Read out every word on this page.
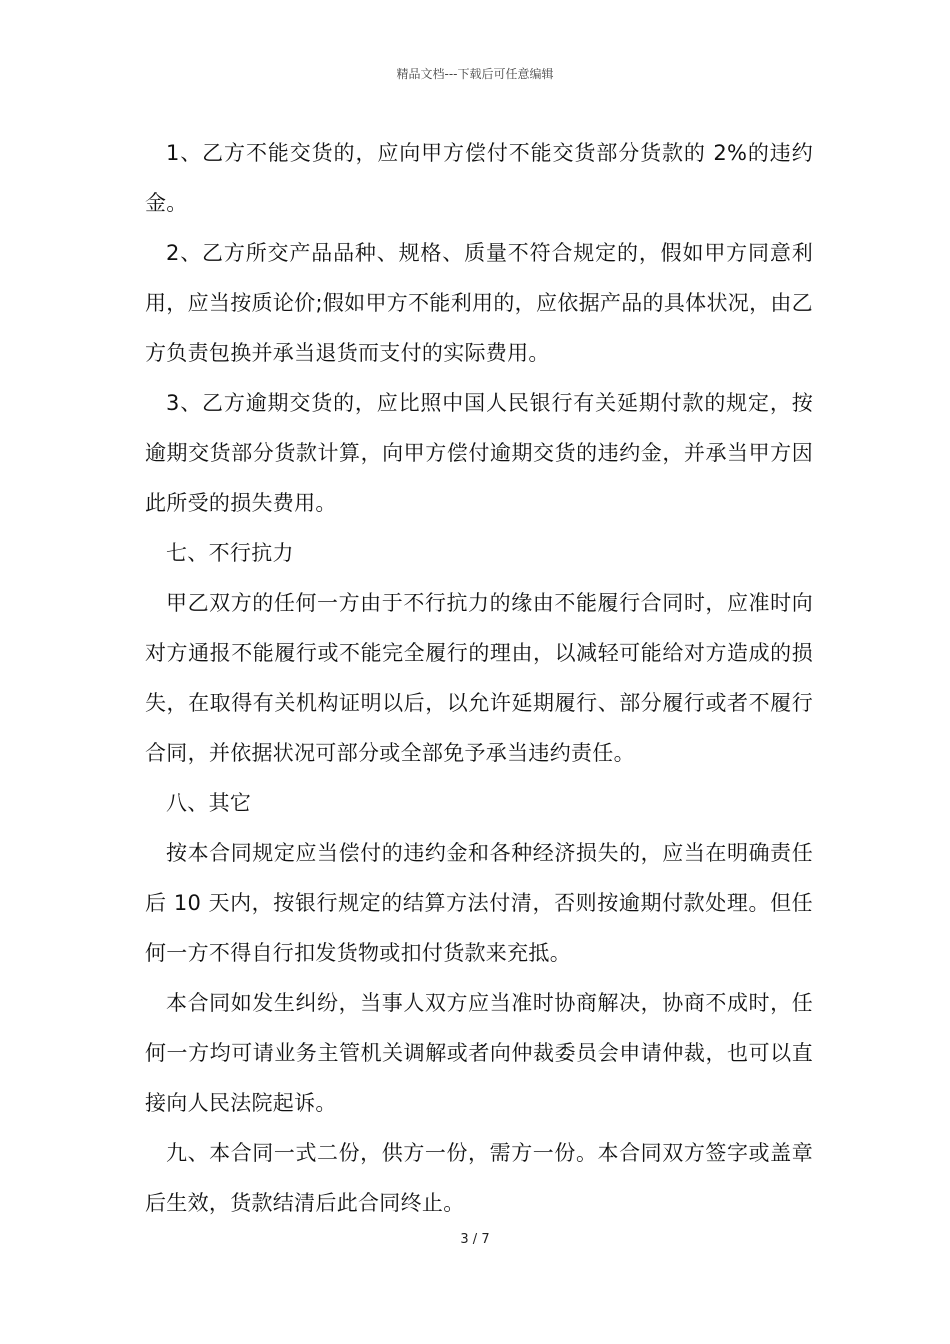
精品文档---下载后可任意编辑

1、乙方不能交货的，应向甲方偿付不能交货部分货款的 2%的违约金。

2、乙方所交产品品种、规格、质量不符合规定的，假如甲方同意利用，应当按质论价;假如甲方不能利用的，应依据产品的具体状况，由乙方负责包换并承当退货而支付的实际费用。

3、乙方逾期交货的，应比照中国人民银行有关延期付款的规定，按逾期交货部分货款计算，向甲方偿付逾期交货的违约金，并承当甲方因此所受的损失费用。

七、不行抗力

甲乙双方的任何一方由于不行抗力的缘由不能履行合同时，应准时向对方通报不能履行或不能完全履行的理由，以减轻可能给对方造成的损失，在取得有关机构证明以后，以允许延期履行、部分履行或者不履行合同，并依据状况可部分或全部免予承当违约责任。

八、其它

按本合同规定应当偿付的违约金和各种经济损失的，应当在明确责任后 10 天内，按银行规定的结算方法付清，否则按逾期付款处理。但任何一方不得自行扣发货物或扣付货款来充抵。

本合同如发生纠纷，当事人双方应当准时协商解决，协商不成时，任何一方均可请业务主管机关调解或者向仲裁委员会申请仲裁，也可以直接向人民法院起诉。

九、本合同一式二份，供方一份，需方一份。本合同双方签字或盖章后生效，货款结清后此合同终止。

3 / 7
